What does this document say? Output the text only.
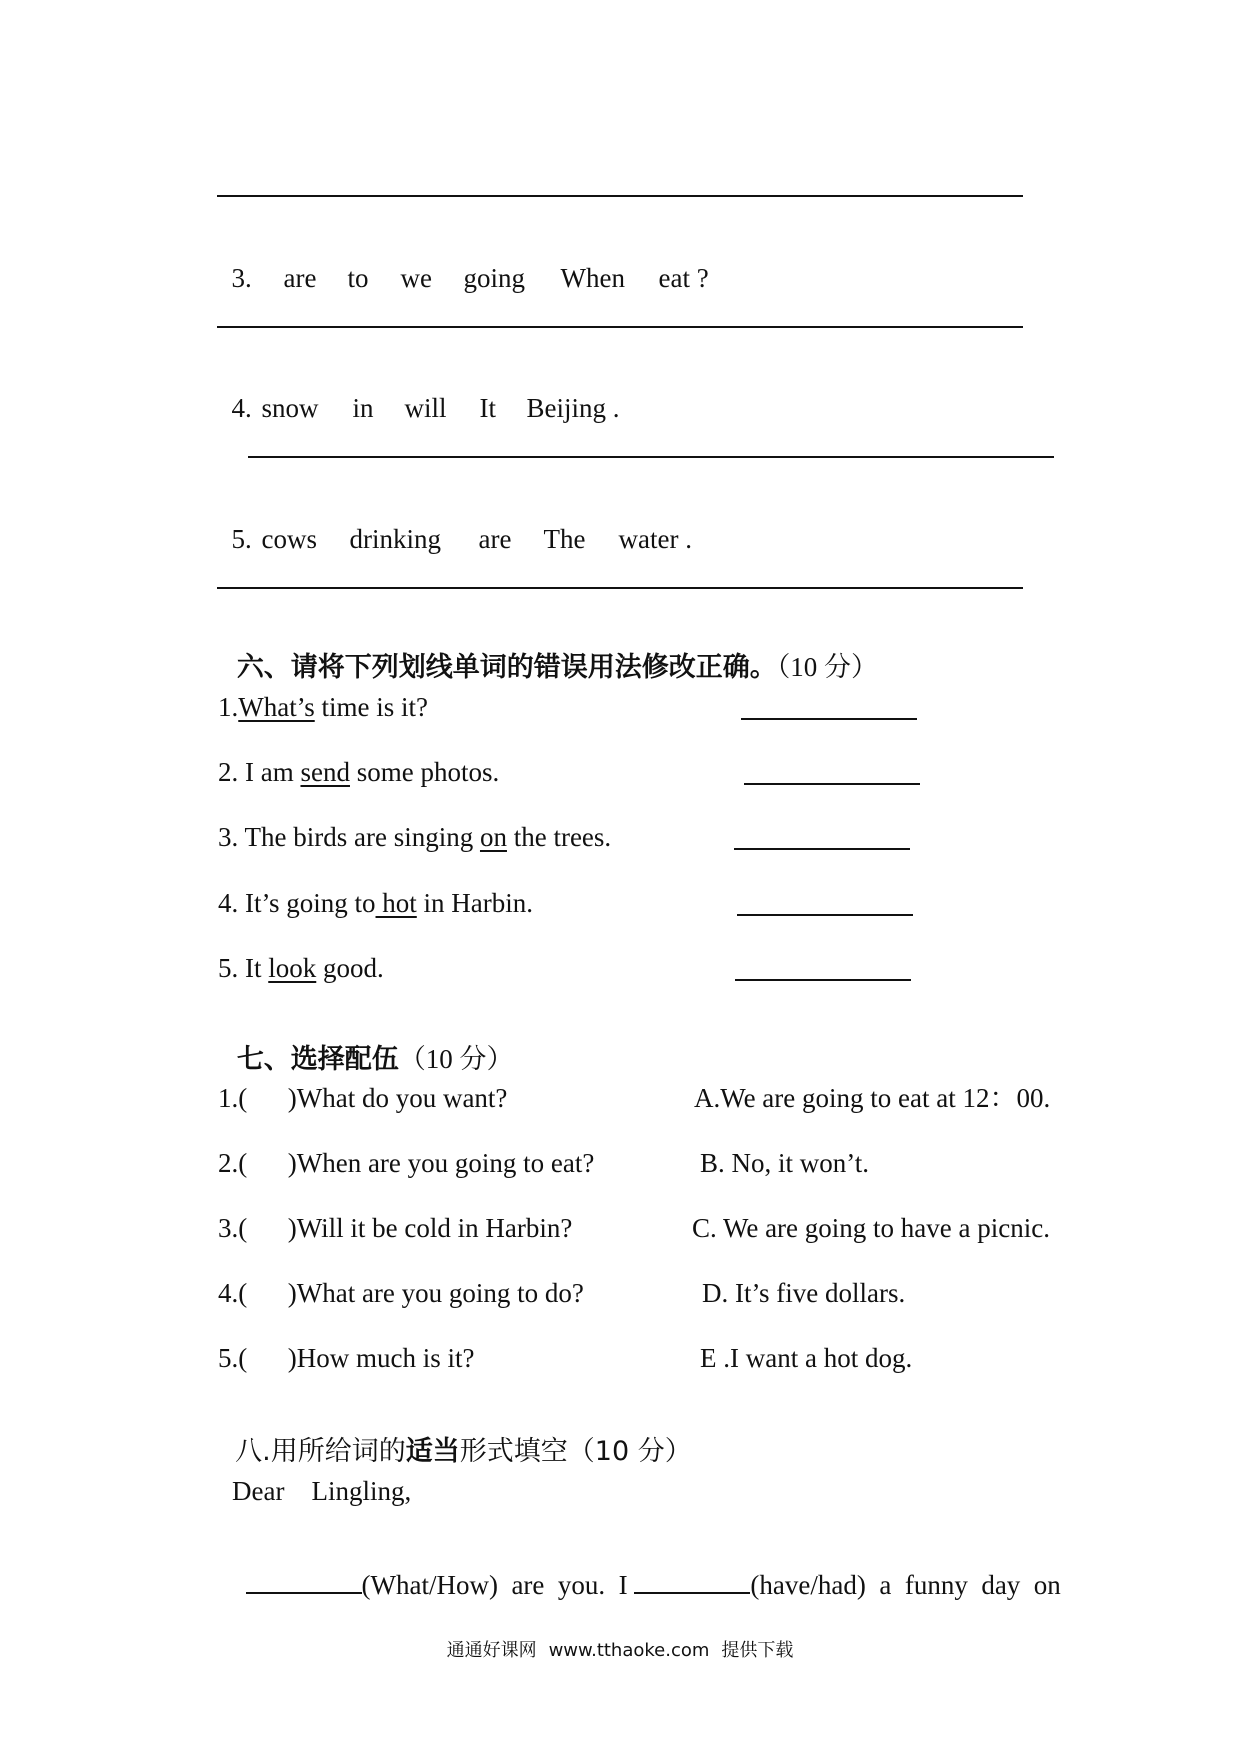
3. are to we going When eat ?

4. snow in will It Beijing .

5. cows drinking are The water .

六、请将下列划线单词的错误用法修改正确。（10 分）

1.What’s time is it?
2. I am send some photos.
3. The birds are singing on the trees.
4. It’s going to hot in Harbin.
5. It look good.

七、选择配伍（10 分）

1.(      )What do you want?	A.We are going to eat at 12：00.
2.(      )When are you going to eat?	B. No, it won’t.
3.(      )Will it be cold in Harbin?	C. We are going to have a picnic.
4.(      )What are you going to do?	D. It’s five dollars.
5.(      )How much is it?	E .I want a hot dog.

八.用所给词的适当形式填空（10 分）

Dear    Lingling,

(What/How)  are  you.  I	(have/had)  a  funny  day  on

通通好课网 www.tthaoke.com 提供下载
